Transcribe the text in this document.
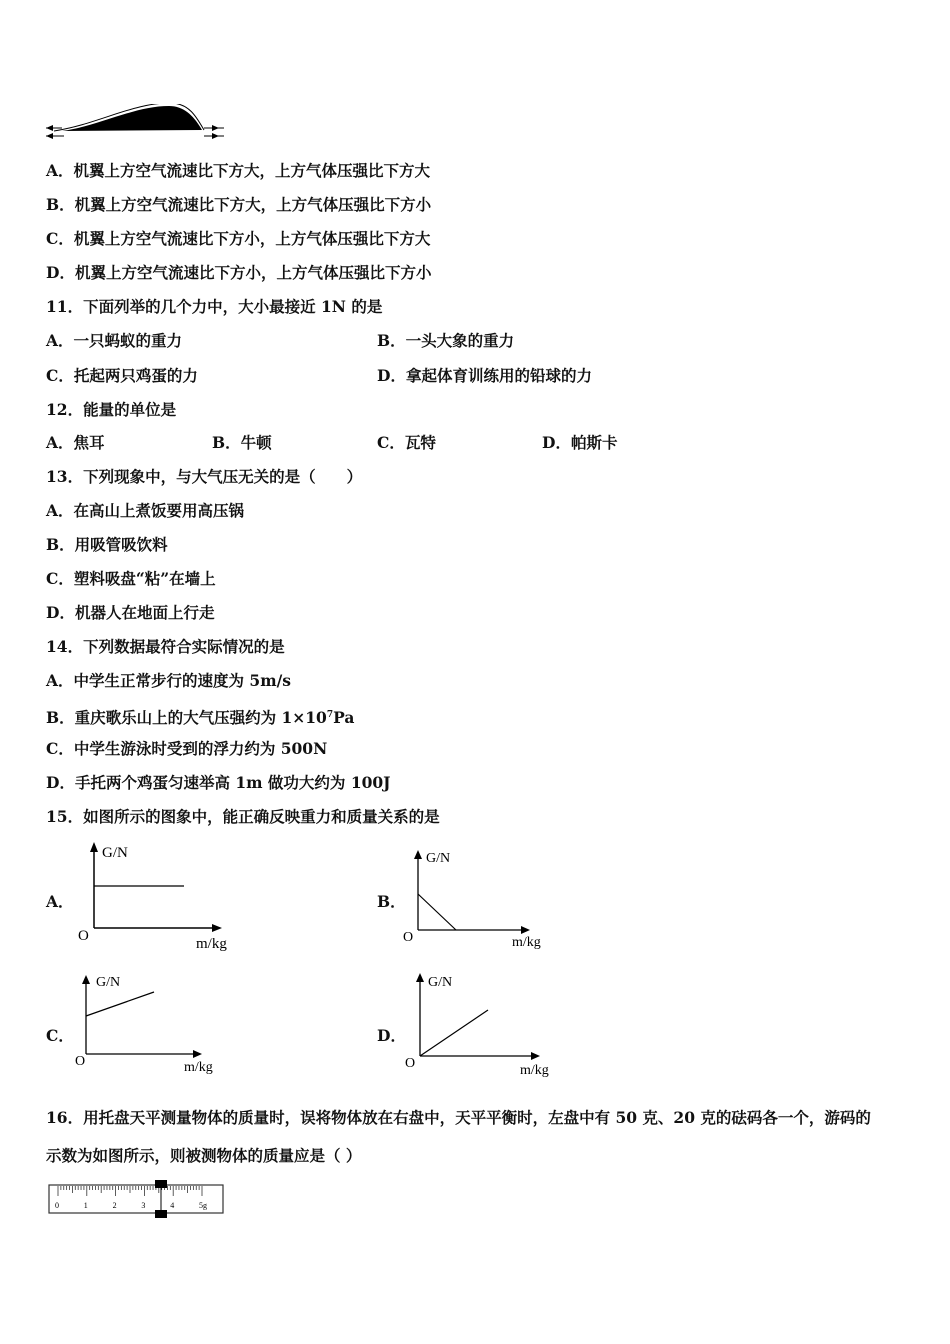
A．机翼上方空气流速比下方大，上方气体压强比下方大
B．机翼上方空气流速比下方大，上方气体压强比下方小
C．机翼上方空气流速比下方小，上方气体压强比下方大
D．机翼上方空气流速比下方小，上方气体压强比下方小
11．下面列举的几个力中，大小最接近 1N 的是
A．一只蚂蚁的重力	B．一头大象的重力
C．托起两只鸡蛋的力	D．拿起体育训练用的铅球的力
12．能量的单位是
A．焦耳	B．牛顿	C．瓦特	D．帕斯卡
13．下列现象中，与大气压无关的是（　　）
A．在高山上煮饭要用高压锅
B．用吸管吸饮料
C．塑料吸盘“粘”在墙上
D．机器人在地面上行走
14．下列数据最符合实际情况的是
A．中学生正常步行的速度为 5m/s
B．重庆歌乐山上的大气压强约为 $1\times 10^7Pa$
C．中学生游泳时受到的浮力约为 500N
D．手托两个鸡蛋匀速举高 1m 做功大约为 100J
15．如图所示的图象中，能正确反映重力和质量关系的是
A．
G/N
O	m/kg
B．
G/N
O	m/kg
C．
G/N
O	m/kg
D．
G/N
O	m/kg
16．用托盘天平测量物体的质量时，误将物体放在右盘中，天平平衡时，左盘中有 50 克、20 克的砝码各一个，游码的
示数为如图所示，则被测物体的质量应是（ ）
0	1	2	3	4	5g
